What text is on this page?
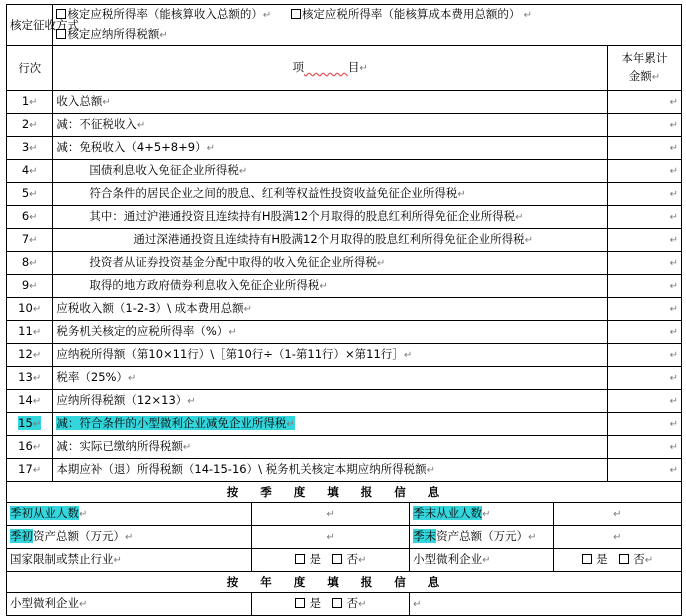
核定征收方式	核定应税所得率（能核算收入总额的）↵ 核定应税所得率（能核算成本费用总额的） ↵
核定应纳所得税额↵				
行次	项 目↵				本年累计
金额↵
1↵	收入总额↵				↵
2↵	减：不征税收入↵				↵
3↵	减：免税收入（4+5+8+9）↵				↵
4↵	国债利息收入免征企业所得税↵				↵
5↵	符合条件的居民企业之间的股息、红利等权益性投资收益免征企业所得税↵				↵
6↵	其中：通过沪港通投资且连续持有H股满12个月取得的股息红利所得免征企业所得税↵				↵
7↵	通过深港通投资且连续持有H股满12个月取得的股息红利所得免征企业所得税↵				↵
8↵	投资者从证券投资基金分配中取得的收入免征企业所得税↵				↵
9↵	取得的地方政府债券利息收入免征企业所得税↵				↵
10↵	应税收入额（1-2-3）\ 成本费用总额↵				↵
11↵	税务机关核定的应税所得率（%）↵				↵
12↵	应纳税所得额（第10×11行）\［第10行÷（1-第11行）×第11行］↵				↵
13↵	税率（25%）↵				↵
14↵	应纳所得税额（12×13）↵				↵
15↵	减：符合条件的小型微利企业减免企业所得税↵				↵
16↵	减：实际已缴纳所得税额↵				↵
17↵	本期应补（退）所得税额（14-15-16）\ 税务机关核定本期应纳所得税额↵				↵
按季度填报信息					
季初从业人数↵		↵	季末从业人数↵	↵	
季初资产总额（万元）↵		↵	季末资产总额（万元）↵	↵	
国家限制或禁止行业↵		是 否↵	小型微利企业↵	是 否↵	
按年度填报信息					
小型微利企业↵		是 否↵	↵		
